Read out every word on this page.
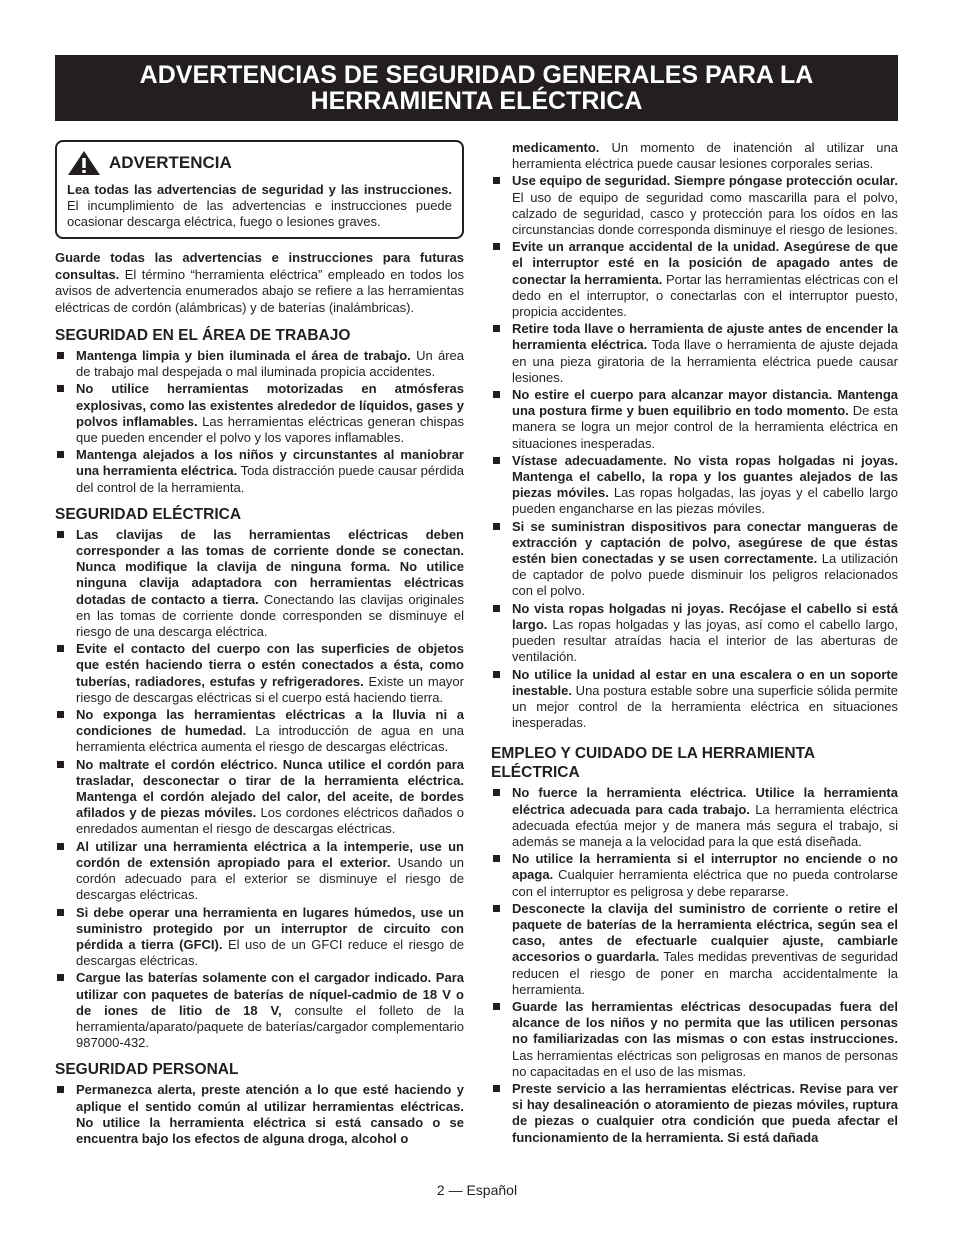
ADVERTENCIAS DE SEGURIDAD GENERALES PARA LA
HERRAMIENTA ELÉCTRICA
ADVERTENCIA
Lea todas las advertencias de seguridad y las instrucciones. El incumplimiento de las advertencias e instrucciones puede ocasionar descarga eléctrica, fuego o lesiones graves.

Guarde todas las advertencias e instrucciones para futuras consultas. El término “herramienta eléctrica” empleado en todos los avisos de advertencia enumerados abajo se refiere a las herramientas eléctricas de cordón (alámbricas) y de baterías (inalámbricas).

SEGURIDAD EN EL ÁREA DE TRABAJO
Mantenga limpia y bien iluminada el área de trabajo. Un área de trabajo mal despejada o mal iluminada propicia accidentes.
No utilice herramientas motorizadas en atmósferas explosivas, como las existentes alrededor de líquidos, gases y polvos inflamables. Las herramientas eléctricas generan chispas que pueden encender el polvo y los vapores inflamables.
Mantenga alejados a los niños y circunstantes al maniobrar una herramienta eléctrica. Toda distracción puede causar pérdida del control de la herramienta.
SEGURIDAD ELÉCTRICA
Las clavijas de las herramientas eléctricas deben corresponder a las tomas de corriente donde se conectan. Nunca modifique la clavija de ninguna forma. No utilice ninguna clavija adaptadora con herramientas eléctricas dotadas de contacto a tierra. Conectando las clavijas originales en las tomas de corriente donde corresponden se disminuye el riesgo de una descarga eléctrica.
Evite el contacto del cuerpo con las superficies de objetos que estén haciendo tierra o estén conectados a ésta, como tuberías, radiadores, estufas y refrigeradores. Existe un mayor riesgo de descargas eléctricas si el cuerpo está haciendo tierra.
No exponga las herramientas eléctricas a la lluvia ni a condiciones de humedad. La introducción de agua en una herramienta eléctrica aumenta el riesgo de descargas eléctricas.
No maltrate el cordón eléctrico. Nunca utilice el cordón para trasladar, desconectar o tirar de la herramienta eléctrica. Mantenga el cordón alejado del calor, del aceite, de bordes afilados y de piezas móviles. Los cordones eléctricos dañados o enredados aumentan el riesgo de descargas eléctricas.
Al utilizar una herramienta eléctrica a la intemperie, use un cordón de extensión apropiado para el exterior. Usando un cordón adecuado para el exterior se disminuye el riesgo de descargas eléctricas.
Si debe operar una herramienta en lugares húmedos, use un suministro protegido por un interruptor de circuito con pérdida a tierra (GFCI). El uso de un GFCI reduce el riesgo de descargas eléctricas.
Cargue las baterías solamente con el cargador indicado. Para utilizar con paquetes de baterías de níquel-cadmio de 18 V o de iones de litio de 18 V, consulte el folleto de la herramienta/aparato/paquete de baterías/cargador complementario 987000-432.
SEGURIDAD PERSONAL
Permanezca alerta, preste atención a lo que esté haciendo y aplique el sentido común al utilizar herramientas eléctricas. No utilice la herramienta eléctrica si está cansado o se encuentra bajo los efectos de alguna droga, alcohol o
medicamento. Un momento de inatención al utilizar una herramienta eléctrica puede causar lesiones corporales serias.
Use equipo de seguridad. Siempre póngase protección ocular. El uso de equipo de seguridad como mascarilla para el polvo, calzado de seguridad, casco y protección para los oídos en las circunstancias donde corresponda disminuye el riesgo de lesiones.
Evite un arranque accidental de la unidad. Asegúrese de que el interruptor esté en la posición de apagado antes de conectar la herramienta. Portar las herramientas eléctricas con el dedo en el interruptor, o conectarlas con el interruptor puesto, propicia accidentes.
Retire toda llave o herramienta de ajuste antes de encender la herramienta eléctrica. Toda llave o herramienta de ajuste dejada en una pieza giratoria de la herramienta eléctrica puede causar lesiones.
No estire el cuerpo para alcanzar mayor distancia. Mantenga una postura firme y buen equilibrio en todo momento. De esta manera se logra un mejor control de la herramienta eléctrica en situaciones inesperadas.
Vístase adecuadamente. No vista ropas holgadas ni joyas. Mantenga el cabello, la ropa y los guantes alejados de las piezas móviles. Las ropas holgadas, las joyas y el cabello largo pueden engancharse en las piezas móviles.
Si se suministran dispositivos para conectar mangueras de extracción y captación de polvo, asegúrese de que éstas estén bien conectadas y se usen correctamente. La utilización de captador de polvo puede disminuir los peligros relacionados con el polvo.
No vista ropas holgadas ni joyas. Recójase el cabello si está largo. Las ropas holgadas y las joyas, así como el cabello largo, pueden resultar atraídas hacia el interior de las aberturas de ventilación.
No utilice la unidad al estar en una escalera o en un soporte inestable. Una postura estable sobre una superficie sólida permite un mejor control de la herramienta eléctrica en situaciones inesperadas.
EMPLEO Y CUIDADO DE LA HERRAMIENTA ELÉCTRICA
No fuerce la herramienta eléctrica. Utilice la herramienta eléctrica adecuada para cada trabajo. La herramienta eléctrica adecuada efectúa mejor y de manera más segura el trabajo, si además se maneja a la velocidad para la que está diseñada.
No utilice la herramienta si el interruptor no enciende o no apaga. Cualquier herramienta eléctrica que no pueda controlarse con el interruptor es peligrosa y debe repararse.
Desconecte la clavija del suministro de corriente o retire el paquete de baterías de la herramienta eléctrica, según sea el caso, antes de efectuarle cualquier ajuste, cambiarle accesorios o guardarla. Tales medidas preventivas de seguridad reducen el riesgo de poner en marcha accidentalmente la herramienta.
Guarde las herramientas eléctricas desocupadas fuera del alcance de los niños y no permita que las utilicen personas no familiarizadas con las mismas o con estas instrucciones. Las herramientas eléctricas son peligrosas en manos de personas no capacitadas en el uso de las mismas.
Preste servicio a las herramientas eléctricas. Revise para ver si hay desalineación o atoramiento de piezas móviles, ruptura de piezas o cualquier otra condición que pueda afectar el funcionamiento de la herramienta. Si está dañada
2 — Español
